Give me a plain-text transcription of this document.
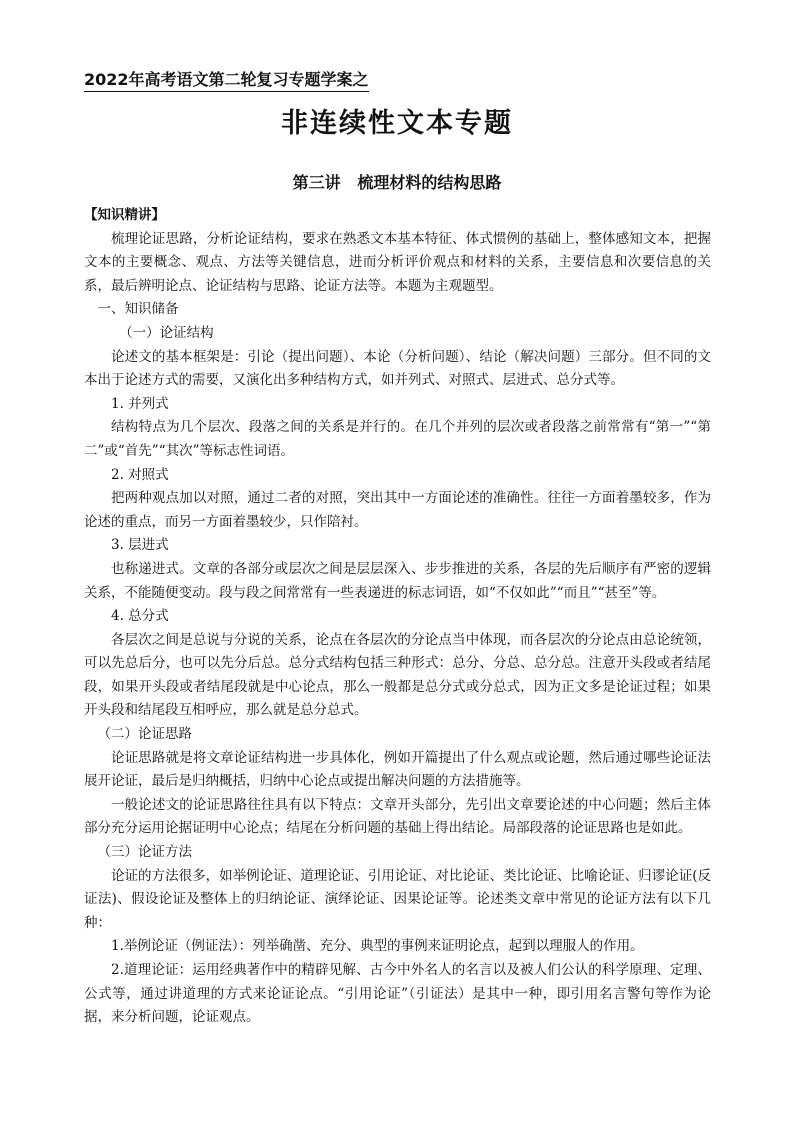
2022年高考语文第二轮复习专题学案之
非连续性文本专题
第三讲   梳理材料的结构思路

【知识精讲】

梳理论证思路，分析论证结构，要求在熟悉文本基本特征、体式惯例的基础上，整体感知文本，把握文本的主要概念、观点、方法等关键信息，进而分析评价观点和材料的关系，主要信息和次要信息的关系，最后辨明论点、论证结构与思路、论证方法等。本题为主观题型。

一、知识储备

（一）论证结构

论述文的基本框架是：引论（提出问题）、本论（分析问题）、结论（解决问题）三部分。但不同的文本出于论述方式的需要，又演化出多种结构方式，如并列式、对照式、层进式、总分式等。

1. 并列式

结构特点为几个层次、段落之间的关系是并行的。在几个并列的层次或者段落之前常常有“第一”“第二”或“首先”“其次”等标志性词语。

2. 对照式

把两种观点加以对照，通过二者的对照，突出其中一方面论述的准确性。往往一方面着墨较多，作为论述的重点，而另一方面着墨较少，只作陪衬。

3. 层进式

也称递进式。文章的各部分或层次之间是层层深入、步步推进的关系，各层的先后顺序有严密的逻辑关系，不能随便变动。段与段之间常常有一些表递进的标志词语，如“不仅如此”“而且”“甚至”等。

4. 总分式

各层次之间是总说与分说的关系，论点在各层次的分论点当中体现，而各层次的分论点由总论统领，可以先总后分，也可以先分后总。总分式结构包括三种形式：总分、分总、总分总。注意开头段或者结尾段，如果开头段或者结尾段就是中心论点，那么一般都是总分式或分总式，因为正文多是论证过程；如果开头段和结尾段互相呼应，那么就是总分总式。

（二）论证思路

论证思路就是将文章论证结构进一步具体化，例如开篇提出了什么观点或论题，然后通过哪些论证法展开论证，最后是归纳概括，归纳中心论点或提出解决问题的方法措施等。

一般论述文的论证思路往往具有以下特点：文章开头部分，先引出文章要论述的中心问题；然后主体部分充分运用论据证明中心论点；结尾在分析问题的基础上得出结论。局部段落的论证思路也是如此。

（三）论证方法

论证的方法很多，如举例论证、道理论证、引用论证、对比论证、类比论证、比喻论证、归谬论证(反证法)、假设论证及整体上的归纳论证、演绎论证、因果论证等。论述类文章中常见的论证方法有以下几种：

1.举例论证（例证法）：列举确凿、充分、典型的事例来证明论点，起到以理服人的作用。

2.道理论证：运用经典著作中的精辟见解、古今中外名人的名言以及被人们公认的科学原理、定理、公式等，通过讲道理的方式来论证论点。“引用论证”（引证法）是其中一种，即引用名言警句等作为论据，来分析问题，论证观点。
